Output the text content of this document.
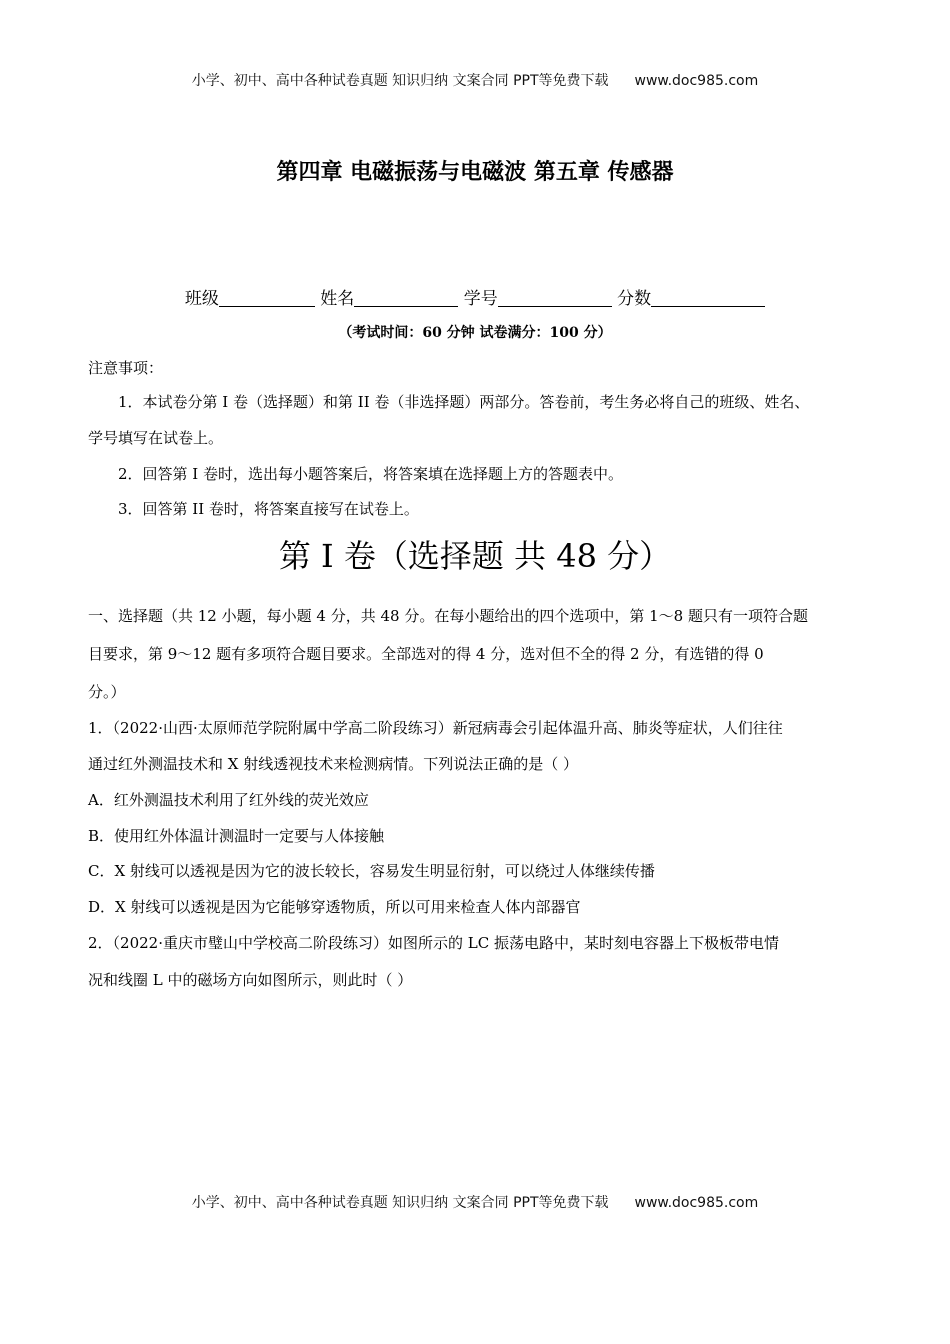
小学、初中、高中各种试卷真题 知识归纳 文案合同 PPT等免费下载 www.doc985.com
第四章 电磁振荡与电磁波 第五章 传感器
班级	姓名	学号	分数
（考试时间：60 分钟 试卷满分：100 分）
注意事项：
1．本试卷分第 I 卷（选择题）和第 II 卷（非选择题）两部分。答卷前，考生务必将自己的班级、姓名、
学号填写在试卷上。
2．回答第 I 卷时，选出每小题答案后，将答案填在选择题上方的答题表中。
3．回答第 II 卷时，将答案直接写在试卷上。
第 I 卷（选择题 共 48 分）
一、选择题（共 12 小题，每小题 4 分，共 48 分。在每小题给出的四个选项中，第 1～8 题只有一项符合题
目要求，第 9～12 题有多项符合题目要求。全部选对的得 4 分，选对但不全的得 2 分，有选错的得 0
分。）
1．（2022·山西·太原师范学院附属中学高二阶段练习）新冠病毒会引起体温升高、肺炎等症状，人们往往
通过红外测温技术和 X 射线透视技术来检测病情。下列说法正确的是（ ）
A．红外测温技术利用了红外线的荧光效应
B．使用红外体温计测温时一定要与人体接触
C．X 射线可以透视是因为它的波长较长，容易发生明显衍射，可以绕过人体继续传播
D．X 射线可以透视是因为它能够穿透物质，所以可用来检查人体内部器官
2．（2022·重庆市璧山中学校高二阶段练习）如图所示的 LC 振荡电路中，某时刻电容器上下极板带电情
况和线圈 L 中的磁场方向如图所示，则此时（ ）
小学、初中、高中各种试卷真题 知识归纳 文案合同 PPT等免费下载 www.doc985.com
